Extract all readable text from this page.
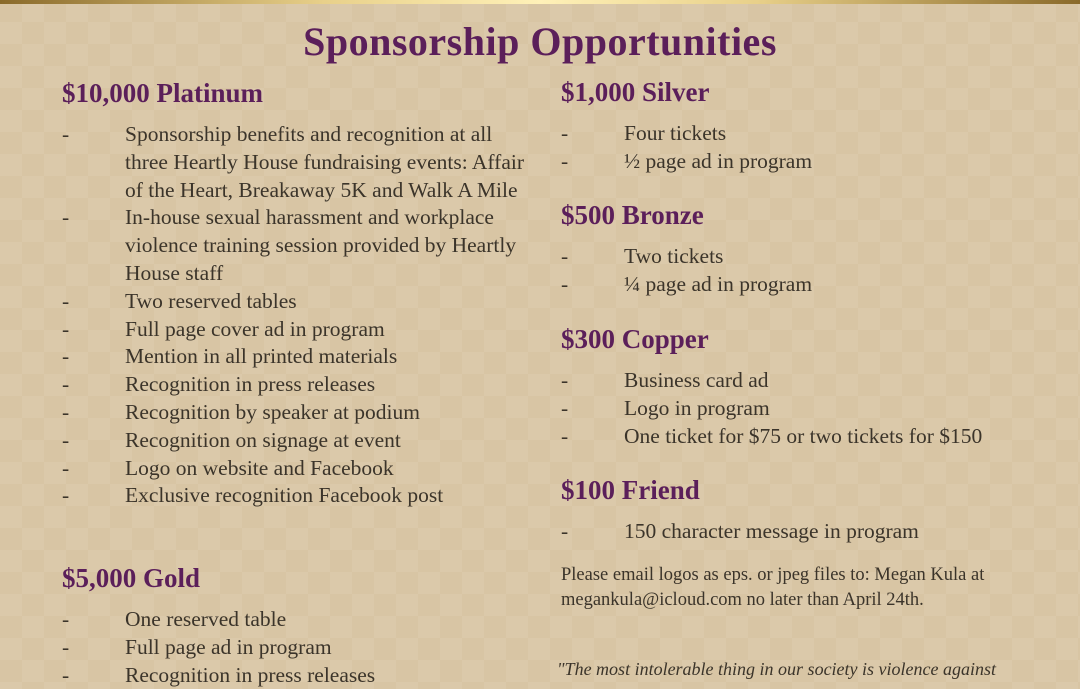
Sponsorship Opportunities
$10,000 Platinum
-	Sponsorship benefits and recognition at all three Heartly House fundraising events: Affair of the Heart, Breakaway 5K and Walk A Mile
-	In-house sexual harassment and workplace violence training session provided by Heartly House staff
-	Two reserved tables
-	Full page cover ad in program
-	Mention in all printed materials
-	Recognition in press releases
-	Recognition by speaker at podium
-	Recognition on signage at event
-	Logo on website and Facebook
-	Exclusive recognition Facebook post
$5,000 Gold
-	One reserved table
-	Full page ad in program
-	Recognition in press releases
$1,000 Silver
-	Four tickets
-	½ page ad in program
$500 Bronze
-	Two tickets
-	¼ page ad in program
$300 Copper
-	Business card ad
-	Logo in program
-	One ticket for $75 or two tickets for $150
$100 Friend
-	150 character message in program
Please email logos as eps. or jpeg files to: Megan Kula at megankula@icloud.com no later than April 24th.
"The most intolerable thing in our society is violence against
